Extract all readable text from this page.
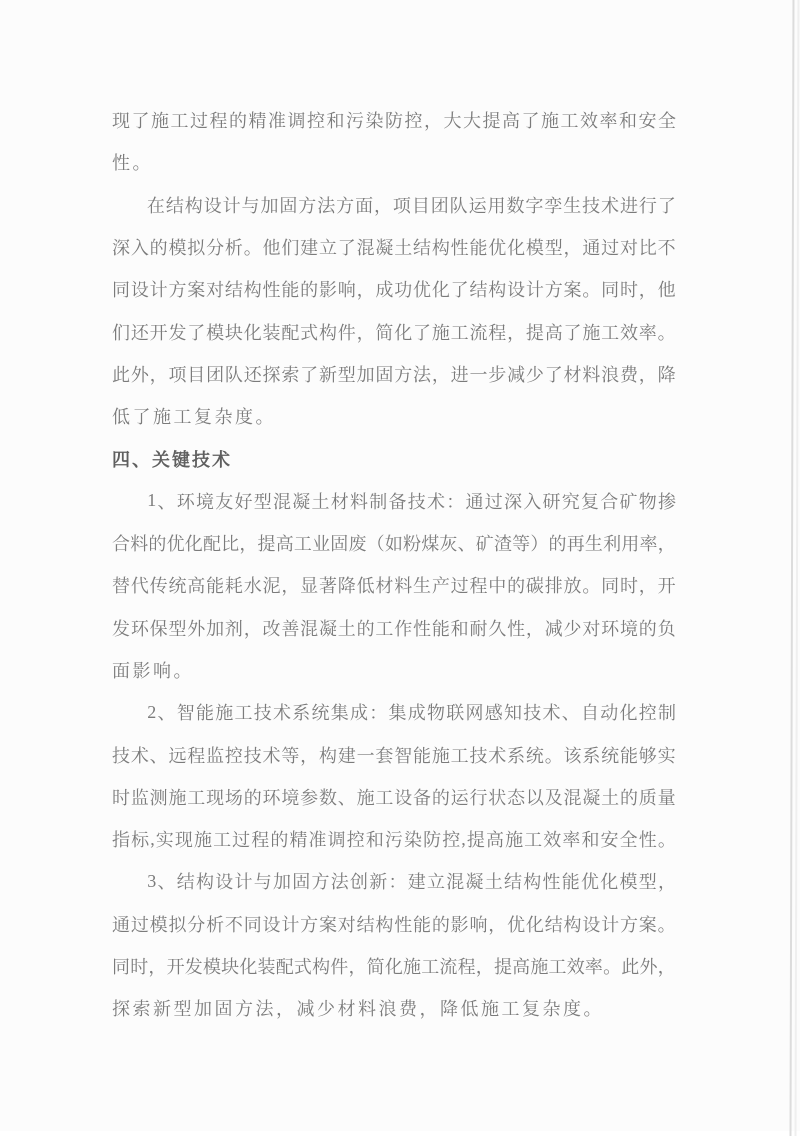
现 了 施 工 过 程 的 精 准 调 控 和 污 染 防 控 ， 大 大 提 高 了 施 工 效 率 和 安 全
性。
在 结 构 设 计 与 加 固 方 法 方 面 ， 项 目 团 队 运 用 数 字 孪 生 技 术 进 行 了
深 入 的 模 拟 分 析 。 他 们 建 立 了 混 凝 土 结 构 性 能 优 化 模 型 ， 通 过 对 比 不
同 设 计 方 案 对 结 构 性 能 的 影 响 ， 成 功 优 化 了 结 构 设 计 方 案 。 同 时 ， 他
们 还 开 发 了 模 块 化 装 配 式 构 件 ， 简 化 了 施 工 流 程 ， 提 高 了 施 工 效 率 。
此 外 ， 项 目 团 队 还 探 索 了 新 型 加 固 方 法 ， 进 一 步 减 少 了 材 料 浪 费 ， 降
低了施工复杂度。
四、关键技术
1 、 环 境 友 好 型 混 凝 土 材 料 制 备 技 术 ： 通 过 深 入 研 究 复 合 矿 物 掺
合 料 的 优 化 配 比 ， 提 高 工 业 固 废 （ 如 粉 煤 灰 、 矿 渣 等 ） 的 再 生 利 用 率 ，
替 代 传 统 高 能 耗 水 泥 ， 显 著 降 低 材 料 生 产 过 程 中 的 碳 排 放 。 同 时 ， 开
发 环 保 型 外 加 剂 ， 改 善 混 凝 土 的 工 作 性 能 和 耐 久 性 ， 减 少 对 环 境 的 负
面影响。
2 、 智 能 施 工 技 术 系 统 集 成 ： 集 成 物 联 网 感 知 技 术 、 自 动 化 控 制
技 术 、 远 程 监 控 技 术 等 ， 构 建 一 套 智 能 施 工 技 术 系 统 。 该 系 统 能 够 实
时 监 测 施 工 现 场 的 环 境 参 数 、 施 工 设 备 的 运 行 状 态 以 及 混 凝 土 的 质 量
指 标 , 实 现 施 工 过 程 的 精 准 调 控 和 污 染 防 控 , 提 高 施 工 效 率 和 安 全 性 。
3 、 结 构 设 计 与 加 固 方 法 创 新 ： 建 立 混 凝 土 结 构 性 能 优 化 模 型 ，
通 过 模 拟 分 析 不 同 设 计 方 案 对 结 构 性 能 的 影 响 ， 优 化 结 构 设 计 方 案 。
同 时 ， 开 发 模 块 化 装 配 式 构 件 ， 简 化 施 工 流 程 ， 提 高 施 工 效 率 。 此 外 ，
探索新型加固方法，减少材料浪费，降低施工复杂度。
